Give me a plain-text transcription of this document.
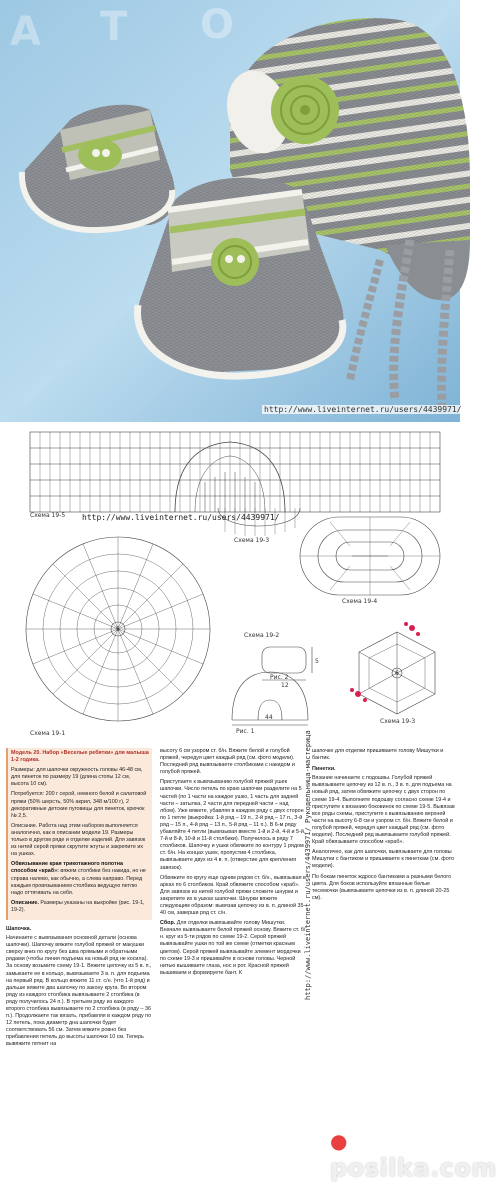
A T O
http://www.liveinternet.ru/users/4439971/
Схема 19-5
Схема 19-3
Схема 19-4
Схема 19-1
Схема 19-2
Рис. 2
Рис. 1
Схема 19-3
12
5
44
5
6
http://www.liveinternet.ru/users/4439971/

Модель 20. Набор «Веселые ребятки» для малыша 1-2 годика.

Размеры: для шапочки окружность головы 46-48 см, для пинеток по размеру 19 (длина стопы 12 см, высота 10 см).

Потребуется: 200 г серой, немного белой и салатовой пряжи (50% шерсть, 50% акрил, 348 м/100 г), 2 декоративные детские пуговицы для пинеток, крючок № 2,5.

Описание. Работа над этим набором выполняется аналогично, как в описании модели 19. Размеры только в другом ряде и отделке изделий. Для завязок из нитей серой пряжи скрутите жгуты и закрепите их на ушках.

Обвязывание края трикотажного полотна способом «краб»: вяжем столбики без накида, но не справа налево, как обычно, а слева направо. Перед каждым провязыванием столбика ведущую петлю надо оттягивать на себя.

Описание. Размеры указаны на выкройке (рис. 19-1, 19-2).

Шапочка.

Начинаете с вывязывания основной детали (основа шапочки). Шапочку вяжите голубой пряжей от макушки сверху вниз по кругу без шва прямыми и обратными рядами (чтобы линия подъема на новый ряд не косила). За основу возьмите схему 19-1. Вяжите цепочку из 5 в. п., замыкаете ее в кольцо, вывязываете 3 в. п. для подъема на первый ряд. В кольцо вяжите 11 ст. с/н. (что 1-й ряд) и дальше вяжите два шапочку по закону круга. Во втором ряду из каждого столбика вывязываете 2 столбика (в ряду получилось 24 п.). В третьем ряду из каждого второго столбика вывязываете по 2 столбика (в ряду – 36 п.). Продолжаете так вязать, прибавляя в каждом ряду по 12 петель, пока диаметр дна шапочки будет соответствовать 56 см. Затем вяжите ровно без прибавления петель до высоты шапочки 10 см. Теперь вывяжите пятнит на

высоту 6 см узором ст. б/н. Вяжите белой и голубой пряжей, чередуя цвет каждый ряд (см. фото модели). Последний ряд вывязываете столбиками с накидом и голубой пряжей.

Приступаете к вывязыванию голубой пряжей ушек шапочки. Число петель по краю шапочки разделите на 5 частей (по 1 части на каждое ушко, 1 часть для задней части – затылка, 2 части для передней части – над лбом). Уже вяжете, убавляя в каждом ряду с двух сторон по 1 петле (выкройка: 1-й ряд – 19 п., 2-й ряд – 17 п., 3-й ряд – 15 п., 4-й ряд – 13 п., 5-й ряд – 11 п.). В 6-м ряду убавляйте 4 петли (вывязывая вместе 1-й и 2-й, 4-й и 5-й, 7-й и 8-й, 10-й и 11-й столбики). Получилось в ряду 7 столбиков. Шапочку и ушки обвяжите по контуру 1 рядом ст. б/н. На концах ушек, пропустив 4 столбика, вывязываете двух из 4 в. п. (отверстие для крепления завязок).

Обвяжите по кругу еще одним рядом ст. б/н., вывязывая в арках по 6 столбиков. Край обвяжите способом «краб». Для завязок из нитей голубой пряжи сложите шнурки и закрепите их в ушках шапочки. Шнурки вяжите следующим образом: вывязав цепочку из в. п. длиной 35-40 см, заверши ряд ст. с/н.

Сбор. Для отделки вывязывайте голову Мишутки. Вначале вывязываете белой пряжей основу. Вяжите ст. б/н. круг из 5-ти рядов по схеме 19-2. Серой пряжей вывязывайте ушки по той же схеме (отметки красным цветом). Серой пряжей вывязывайте элемент мордочки по схеме 19-3 и пришивайте в основе головы. Черной нитью вышиваете глаза, нос и рот. Красной пряжей вышиваем и формируете бант. К

шапочке для отделки пришиваете голову Мишутки и бантик.

Пинетки.

Вязание начинаете с подошвы. Голубой пряжей вывязываете цепочку из 12 в. п., 3 в. п. для подъема на новый ряд, затем обвяжите цепочку с двух сторон по схеме 19-4. Выполните подошву согласно схеме 19-4 и приступите к вязанию боковинок по схеме 19-5. Вывязав все ряды схемы, приступите к вывязыванию верхней части на высоту 6-8 см и узором ст. б/н. Вяжите белой и голубой пряжей, чередуя цвет каждый ряд (см. фото модели). Последний ряд вывязываете голубой пряжей. Край обвязываете способом «краб».

Аналогично, как для шапочки, вывязываете для головы Мишутки с бантиком и пришиваете к пинеткам (см. фото модели).

По бокам пинеток ждросо бантиками а разными белого цвета. Для боков используйте вязанные белые тесемочки (вывязываете цепочки из в. п. длиной 20-25 см).

http://www.liveinternet.ru/users/4439971/ Рукодельница-мастерица
● posilka.com
